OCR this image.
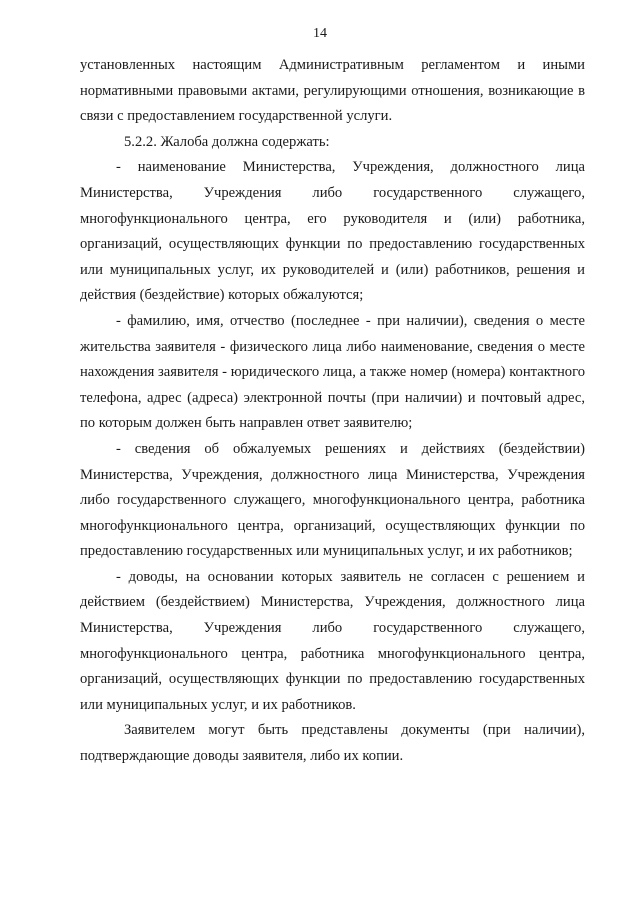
14

установленных настоящим Административным регламентом и иными нормативными правовыми актами, регулирующими отношения, возникающие в связи с предоставлением государственной услуги.

5.2.2. Жалоба должна содержать:

- наименование Министерства, Учреждения, должностного лица Министерства, Учреждения либо государственного служащего, многофункционального центра, его руководителя и (или) работника, организаций, осуществляющих функции по предоставлению государственных или муниципальных услуг, их руководителей и (или) работников, решения и действия (бездействие) которых обжалуются;

- фамилию, имя, отчество (последнее - при наличии), сведения о месте жительства заявителя - физического лица либо наименование, сведения о месте нахождения заявителя - юридического лица, а также номер (номера) контактного телефона, адрес (адреса) электронной почты (при наличии) и почтовый адрес, по которым должен быть направлен ответ заявителю;

- сведения об обжалуемых решениях и действиях (бездействии) Министерства, Учреждения, должностного лица Министерства, Учреждения либо государственного служащего, многофункционального центра, работника многофункционального центра, организаций, осуществляющих функции по предоставлению государственных или муниципальных услуг, и их работников;

- доводы, на основании которых заявитель не согласен с решением и действием (бездействием) Министерства, Учреждения, должностного лица Министерства, Учреждения либо государственного служащего, многофункционального центра, работника многофункционального центра, организаций, осуществляющих функции по предоставлению государственных или муниципальных услуг, и их работников.

Заявителем могут быть представлены документы (при наличии), подтверждающие доводы заявителя, либо их копии.
